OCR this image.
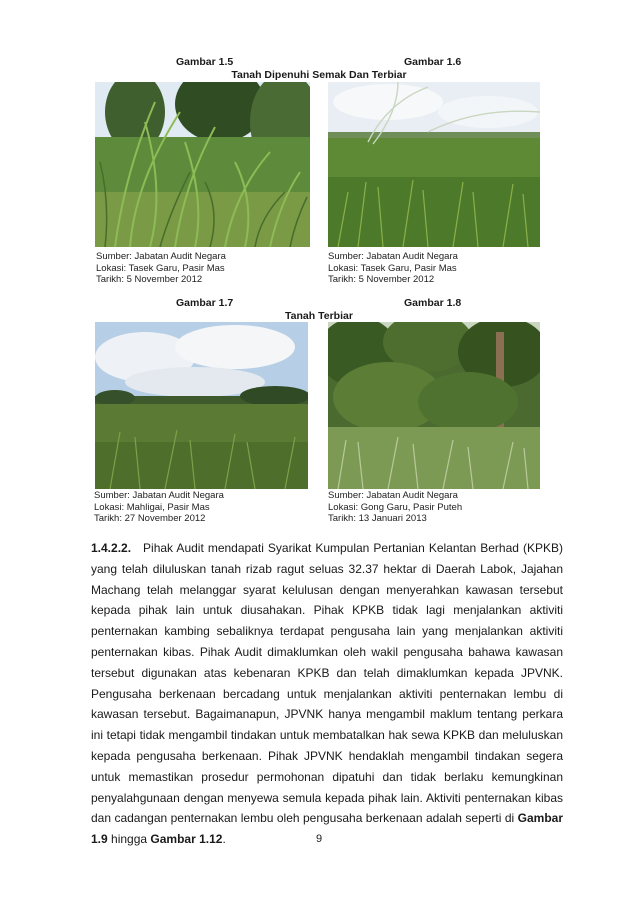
Gambar 1.5	Gambar 1.6
Tanah Dipenuhi Semak Dan Terbiar
Sumber: Jabatan Audit Negara
Lokasi: Tasek Garu, Pasir Mas
Tarikh: 5 November 2012
Sumber: Jabatan Audit Negara
Lokasi: Tasek Garu, Pasir Mas
Tarikh: 5 November 2012
Gambar 1.7	Gambar 1.8
Tanah Terbiar
Sumber: Jabatan Audit Negara
Lokasi: Mahligai, Pasir Mas
Tarikh: 27 November 2012
Sumber: Jabatan Audit Negara
Lokasi: Gong Garu, Pasir Puteh
Tarikh: 13 Januari 2013
1.4.2.2. Pihak Audit mendapati Syarikat Kumpulan Pertanian Kelantan Berhad (KPKB) yang telah diluluskan tanah rizab ragut seluas 32.37 hektar di Daerah Labok, Jajahan Machang telah melanggar syarat kelulusan dengan menyerahkan kawasan tersebut kepada pihak lain untuk diusahakan. Pihak KPKB tidak lagi menjalankan aktiviti penternakan kambing sebaliknya terdapat pengusaha lain yang menjalankan aktiviti penternakan kibas. Pihak Audit dimaklumkan oleh wakil pengusaha bahawa kawasan tersebut digunakan atas kebenaran KPKB dan telah dimaklumkan kepada JPVNK. Pengusaha berkenaan bercadang untuk menjalankan aktiviti penternakan lembu di kawasan tersebut. Bagaimanapun, JPVNK hanya mengambil maklum tentang perkara ini tetapi tidak mengambil tindakan untuk membatalkan hak sewa KPKB dan meluluskan kepada pengusaha berkenaan. Pihak JPVNK hendaklah mengambil tindakan segera untuk memastikan prosedur permohonan dipatuhi dan tidak berlaku kemungkinan penyalahgunaan dengan menyewa semula kepada pihak lain. Aktiviti penternakan kibas dan cadangan penternakan lembu oleh pengusaha berkenaan adalah seperti di Gambar 1.9 hingga Gambar 1.12.	9
